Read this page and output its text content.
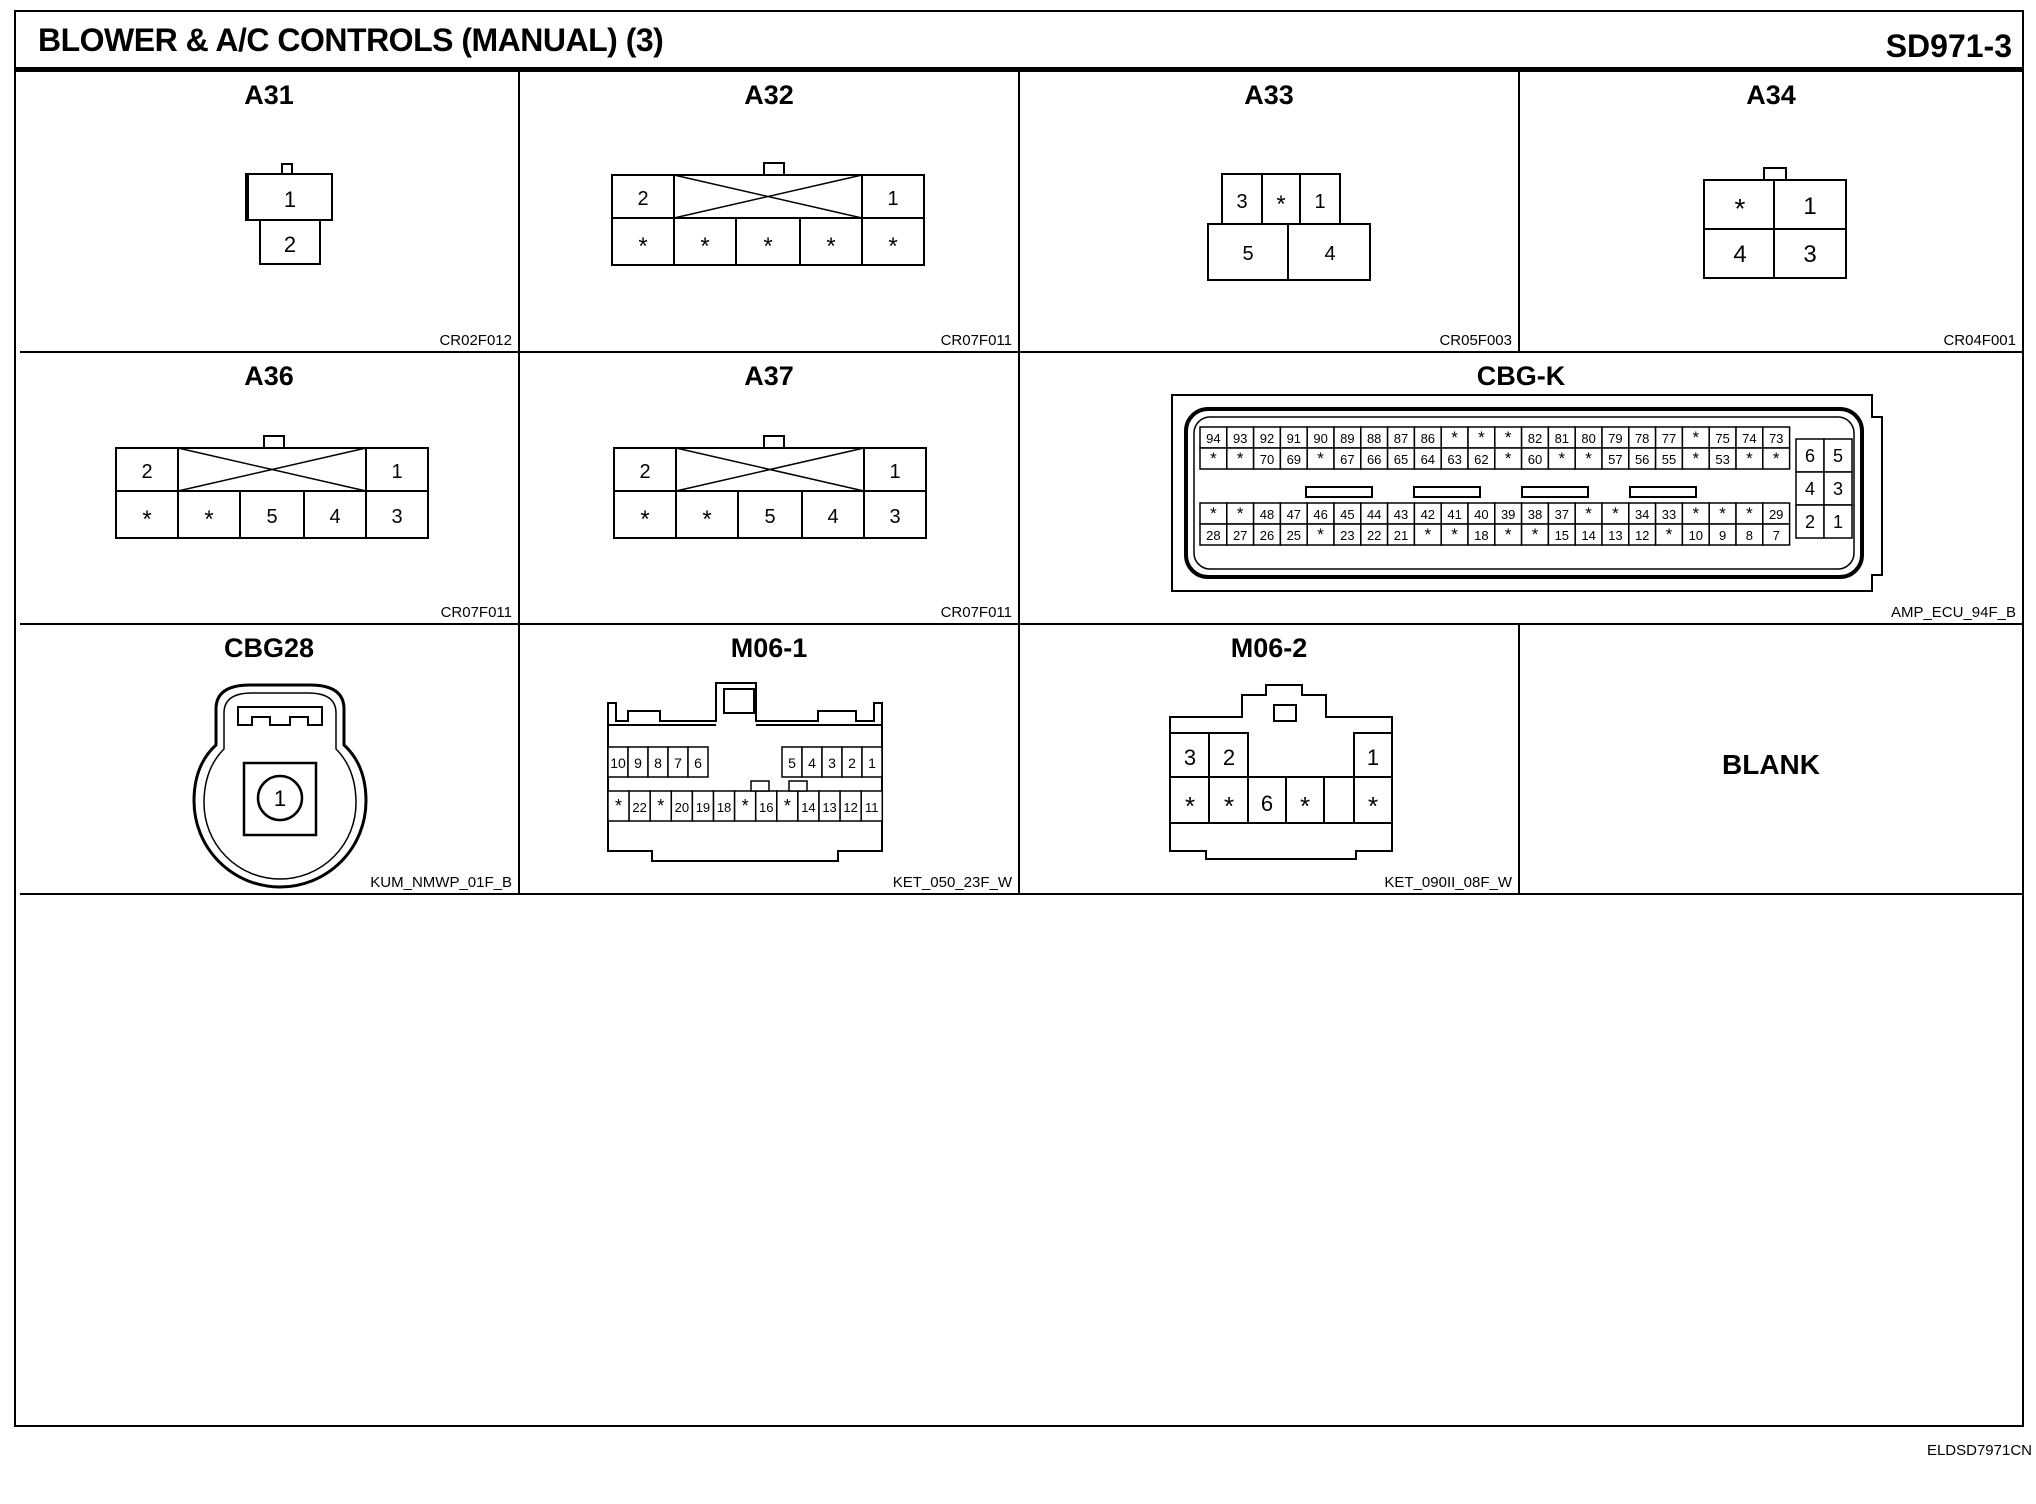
BLOWER & A/C CONTROLS (MANUAL) (3)	SD971-3
A31
1
2
CR02F012
A32
2	1
* * * * *
CR07F011
A33
3 * 1
5	4
CR05F003
A34
* 1
4 3
CR04F001
A36
2	1
* *	5	4	3
CR07F011
A37
2	1
* *	5	4	3
CR07F011
CBG-K
94 93 92 91 90 89 88 87 86 * * * 82 81 80 79 78 77 * 75 74 73
* * 70 69 * 67 66 65 64 63 62 * 60 * * 57 56 55 * 53 * *
* * 48 47 46 45 44 43 42 41 40 39 38 37 * * 34 33 * * * 29
28 27 26 25 * 23 22 21 * * 18 * * 15 14 13 12 * 10 9 8 7
6 5
4 3
2 1
AMP_ECU_94F_B
CBG28
1
KUM_NMWP_01F_B
M06-1
10 9 8 7 6	5 4 3 2 1
* 22 * 20 19 18 * 16 * 14 13 12 11
KET_050_23F_W
M06-2
3 2	1
* * 6 * *
KET_090II_08F_W
BLANK
ELDSD7971CN
